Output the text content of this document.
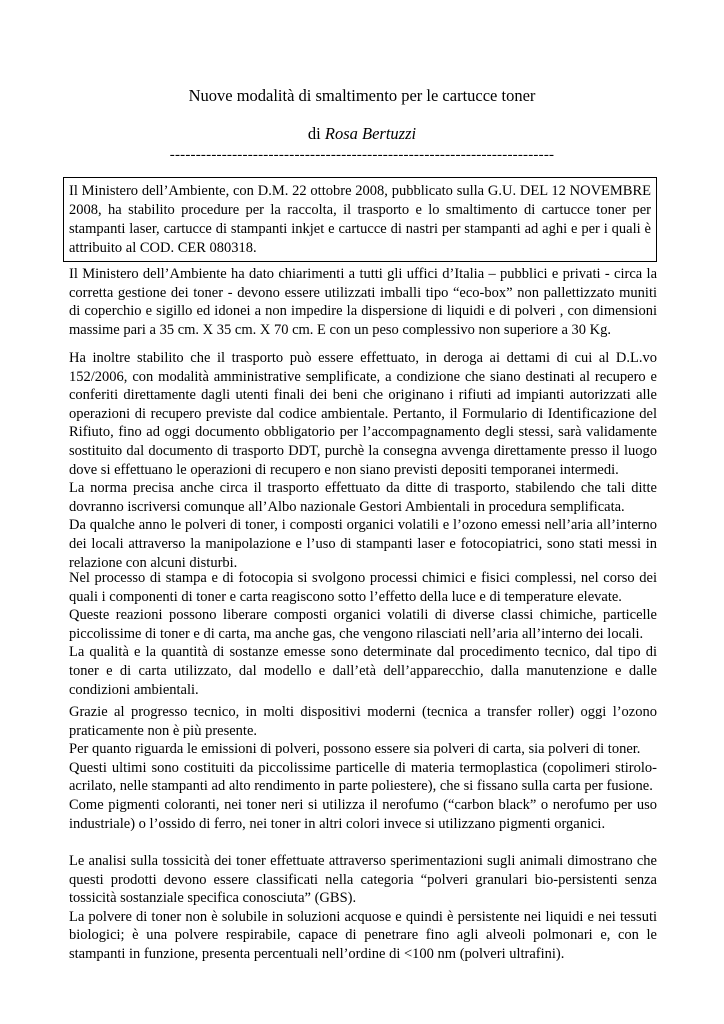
Nuove modalità di smaltimento per le cartucce toner
di Rosa Bertuzzi
--------------------------------------------------------------------------
Il Ministero dell’Ambiente, con D.M. 22 ottobre 2008, pubblicato sulla G.U. DEL 12 NOVEMBRE 2008, ha stabilito procedure per la raccolta, il trasporto e lo smaltimento di cartucce toner per stampanti laser, cartucce di stampanti inkjet e cartucce di nastri per stampanti ad aghi e per i quali è attribuito al COD. CER 080318.

Il Ministero dell’Ambiente ha dato chiarimenti a tutti gli uffici d’Italia – pubblici e privati - circa la corretta gestione dei toner - devono essere utilizzati imballi tipo “eco-box” non pallettizzato muniti di coperchio e sigillo ed idonei a non impedire la dispersione di liquidi e di polveri , con dimensioni massime pari a 35 cm. X 35 cm. X 70 cm. E con un peso complessivo non superiore a 30 Kg.

Ha inoltre stabilito che il trasporto può essere effettuato, in deroga ai dettami di cui al D.L.vo 152/2006, con modalità amministrative semplificate, a condizione che siano destinati al recupero e conferiti direttamente dagli utenti finali dei beni che originano i rifiuti ad impianti autorizzati alle operazioni di recupero previste dal codice ambientale. Pertanto, il Formulario di Identificazione del Rifiuto, fino ad oggi documento obbligatorio per l’accompagnamento degli stessi, sarà validamente sostituito dal documento di trasporto DDT, purchè la consegna avvenga direttamente presso il luogo dove si effettuano le operazioni di recupero e non siano previsti depositi temporanei intermedi.

La norma precisa anche circa il trasporto effettuato da ditte di trasporto, stabilendo che tali ditte dovranno iscriversi comunque all’Albo nazionale Gestori Ambientali in procedura semplificata.

Da qualche anno le polveri di toner, i composti organici volatili e l’ozono emessi nell’aria all’interno dei locali attraverso la manipolazione e l’uso di stampanti laser e fotocopiatrici, sono stati messi in relazione con alcuni disturbi.

Nel processo di stampa e di fotocopia si svolgono processi chimici e fisici complessi, nel corso dei quali i componenti di toner e carta reagiscono sotto l’effetto della luce e di temperature elevate.

Queste reazioni possono liberare composti organici volatili di diverse classi chimiche, particelle piccolissime di toner e di carta, ma anche gas, che vengono rilasciati nell’aria all’interno dei locali.

La qualità e la quantità di sostanze emesse sono determinate dal procedimento tecnico, dal tipo di toner e di carta utilizzato, dal modello e dall’età dell’apparecchio, dalla manutenzione e dalle condizioni ambientali.

Grazie al progresso tecnico, in molti dispositivi moderni (tecnica a transfer roller) oggi l’ozono praticamente non è più presente.

Per quanto riguarda le emissioni di polveri, possono essere sia polveri di carta, sia polveri di toner.

Questi ultimi sono costituiti da piccolissime particelle di materia termoplastica (copolimeri stirolo-acrilato, nelle stampanti ad alto rendimento in parte poliestere), che si fissano sulla carta per fusione.

Come pigmenti coloranti, nei toner neri si utilizza il nerofumo (“carbon black” o nerofumo per uso industriale) o l’ossido di ferro, nei toner in altri colori invece si utilizzano pigmenti organici.

Le analisi sulla tossicità dei toner effettuate attraverso sperimentazioni sugli animali dimostrano che questi prodotti devono essere classificati nella categoria “polveri granulari bio-persistenti senza tossicità sostanziale specifica conosciuta” (GBS).

La polvere di toner non è solubile in soluzioni acquose e quindi è persistente nei liquidi e nei tessuti biologici; è una polvere respirabile, capace di penetrare fino agli alveoli polmonari e, con le stampanti in funzione, presenta percentuali nell’ordine di <100 nm (polveri ultrafini).
